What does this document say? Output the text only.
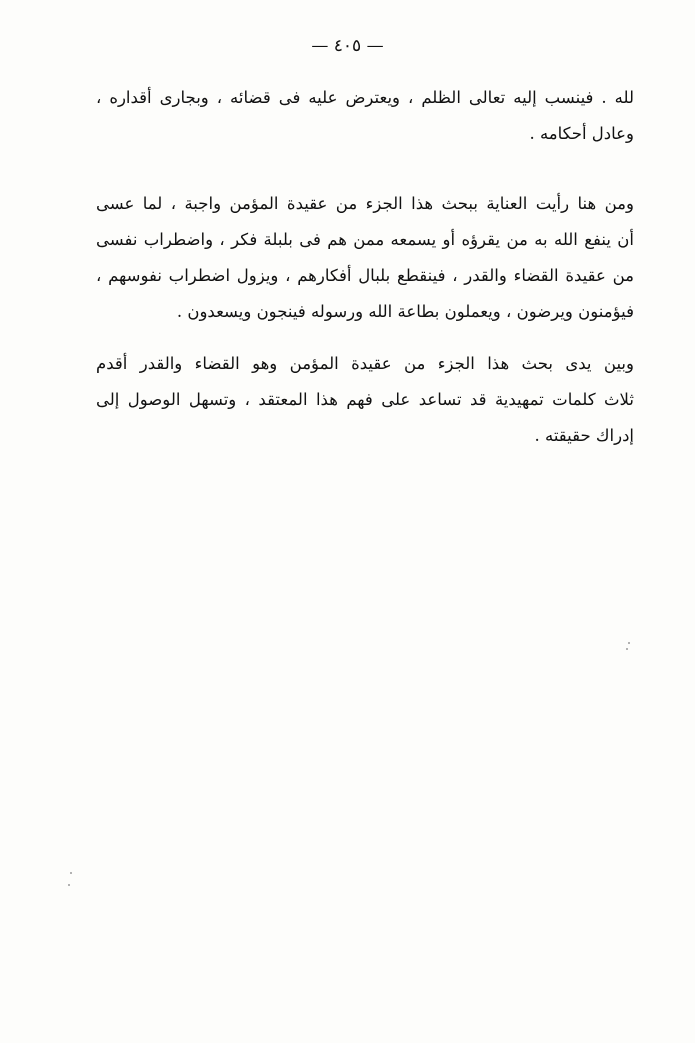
— ٤٠٥ —
لله . فينسب إليه تعالى الظلم ، ويعترض عليه فى قضائه ، وبجارى أقداره ،
وعادل أحكامه .
ومن هنا رأيت العناية ببحث هذا الجزء من عقيدة المؤمن واجبة ، لما عسى
أن ينفع الله به من يقرؤه أو يسمعه ممن هم فى بلبلة فكر ، واضطراب نفسى
من عقيدة القضاء والقدر ، فينقطع بلبال أفكارهم ، ويزول اضطراب نفوسهم ،
فيؤمنون ويرضون ، ويعملون بطاعة الله ورسوله فينجون ويسعدون .
وبين يدى بحث هذا الجزء من عقيدة المؤمن وهو القضاء والقدر أقدم
ثلاث كلمات تمهيدية قد تساعد على فهم هذا المعتقد ، وتسهل الوصول إلى
إدراك حقيقته .
